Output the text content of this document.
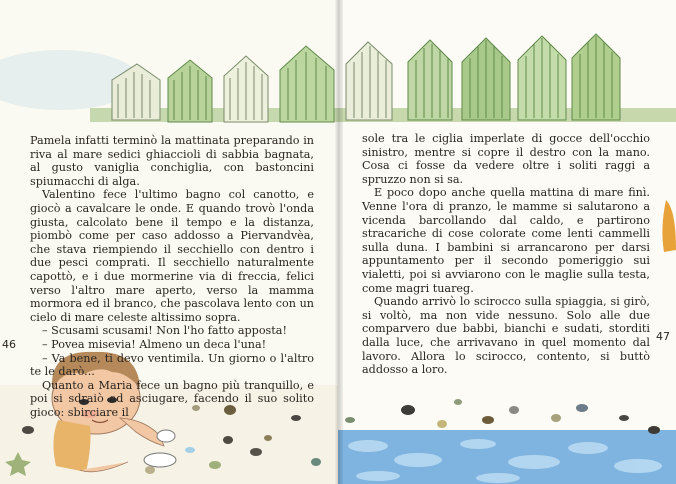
Pamela infatti terminò la mattinata preparando in riva al mare sedici ghiaccioli di sabbia bagnata, al gusto vaniglia conchiglia, con bastoncini spiumacchi di alga.

Valentino fece l'ultimo bagno col canotto, e giocò a cavalcare le onde. E quando trovò l'onda giusta, calcolato bene il tempo e la distanza, piombò come per caso addosso a Piervandvèa, che stava riempiendo il secchiello con dentro i due pesci comprati. Il secchiello naturalmente capottò, e i due mormerine via di freccia, felici verso l'altro mare aperto, verso la mamma mormora ed il branco, che pascolava lento con un cielo di mare celeste altissimo sopra.

– Scusami scusami! Non l'ho fatto apposta!

– Povea misevia! Almeno un deca l'una!

– Va bene, ti devo ventimila. Un giorno o l'altro te le darò...

Quanto a Maria fece un bagno più tranquillo, e poi si sdraiò ad asciugare, facendo il suo solito gioco: sbirciare il

46

sole tra le ciglia imperlate di gocce dell'occhio sinistro, mentre si copre il destro con la mano. Cosa ci fosse da vedere oltre i soliti raggi a spruzzo non si sa.

E poco dopo anche quella mattina di mare finì. Venne l'ora di pranzo, le mamme si salutarono a vicenda barcollando dal caldo, e partirono stracariche di cose colorate come lenti cammelli sulla duna. I bambini si arrancarono per darsi appuntamento per il secondo pomeriggio sui vialetti, poi si avviarono con le maglie sulla testa, come magri tuareg.

Quando arrivò lo scirocco sulla spiaggia, si girò, si voltò, ma non vide nessuno. Solo alle due comparvero due babbi, bianchi e sudati, storditi dalla luce, che arrivavano in quel momento dal lavoro. Allora lo scirocco, contento, si buttò addosso a loro.

47
